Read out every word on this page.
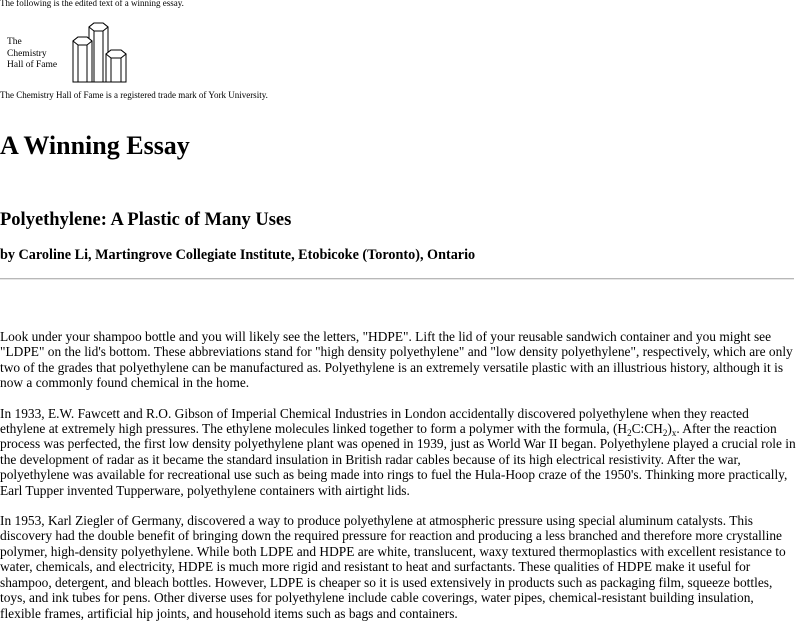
The following is the edited text of a winning essay.

The
Chemistry
Hall of Fame

The Chemistry Hall of Fame is a registered trade mark of York University.

A Winning Essay
Polyethylene: A Plastic of Many Uses
by Caroline Li, Martingrove Collegiate Institute, Etobicoke (Toronto), Ontario

Look under your shampoo bottle and you will likely see the letters, "HDPE". Lift the lid of your reusable sandwich container and you might see "LDPE" on the lid's bottom. These abbreviations stand for "high density polyethylene" and "low density polyethylene", respectively, which are only two of the grades that polyethylene can be manufactured as. Polyethylene is an extremely versatile plastic with an illustrious history, although it is now a commonly found chemical in the home.

In 1933, E.W. Fawcett and R.O. Gibson of Imperial Chemical Industries in London accidentally discovered polyethylene when they reacted ethylene at extremely high pressures. The ethylene molecules linked together to form a polymer with the formula, $(H_2C:CH_2)_x$. After the reaction process was perfected, the first low density polyethylene plant was opened in 1939, just as World War II began. Polyethylene played a crucial role in the development of radar as it became the standard insulation in British radar cables because of its high electrical resistivity. After the war, polyethylene was available for recreational use such as being made into rings to fuel the Hula-Hoop craze of the 1950's. Thinking more practically, Earl Tupper invented Tupperware, polyethylene containers with airtight lids.

In 1953, Karl Ziegler of Germany, discovered a way to produce polyethylene at atmospheric pressure using special aluminum catalysts. This discovery had the double benefit of bringing down the required pressure for reaction and producing a less branched and therefore more crystalline polymer, high-density polyethylene. While both LDPE and HDPE are white, translucent, waxy textured thermoplastics with excellent resistance to water, chemicals, and electricity, HDPE is much more rigid and resistant to heat and surfactants. These qualities of HDPE make it useful for shampoo, detergent, and bleach bottles. However, LDPE is cheaper so it is used extensively in products such as packaging film, squeeze bottles, toys, and ink tubes for pens. Other diverse uses for polyethylene include cable coverings, water pipes, chemical-resistant building insulation, flexible frames, artificial hip joints, and household items such as bags and containers.
